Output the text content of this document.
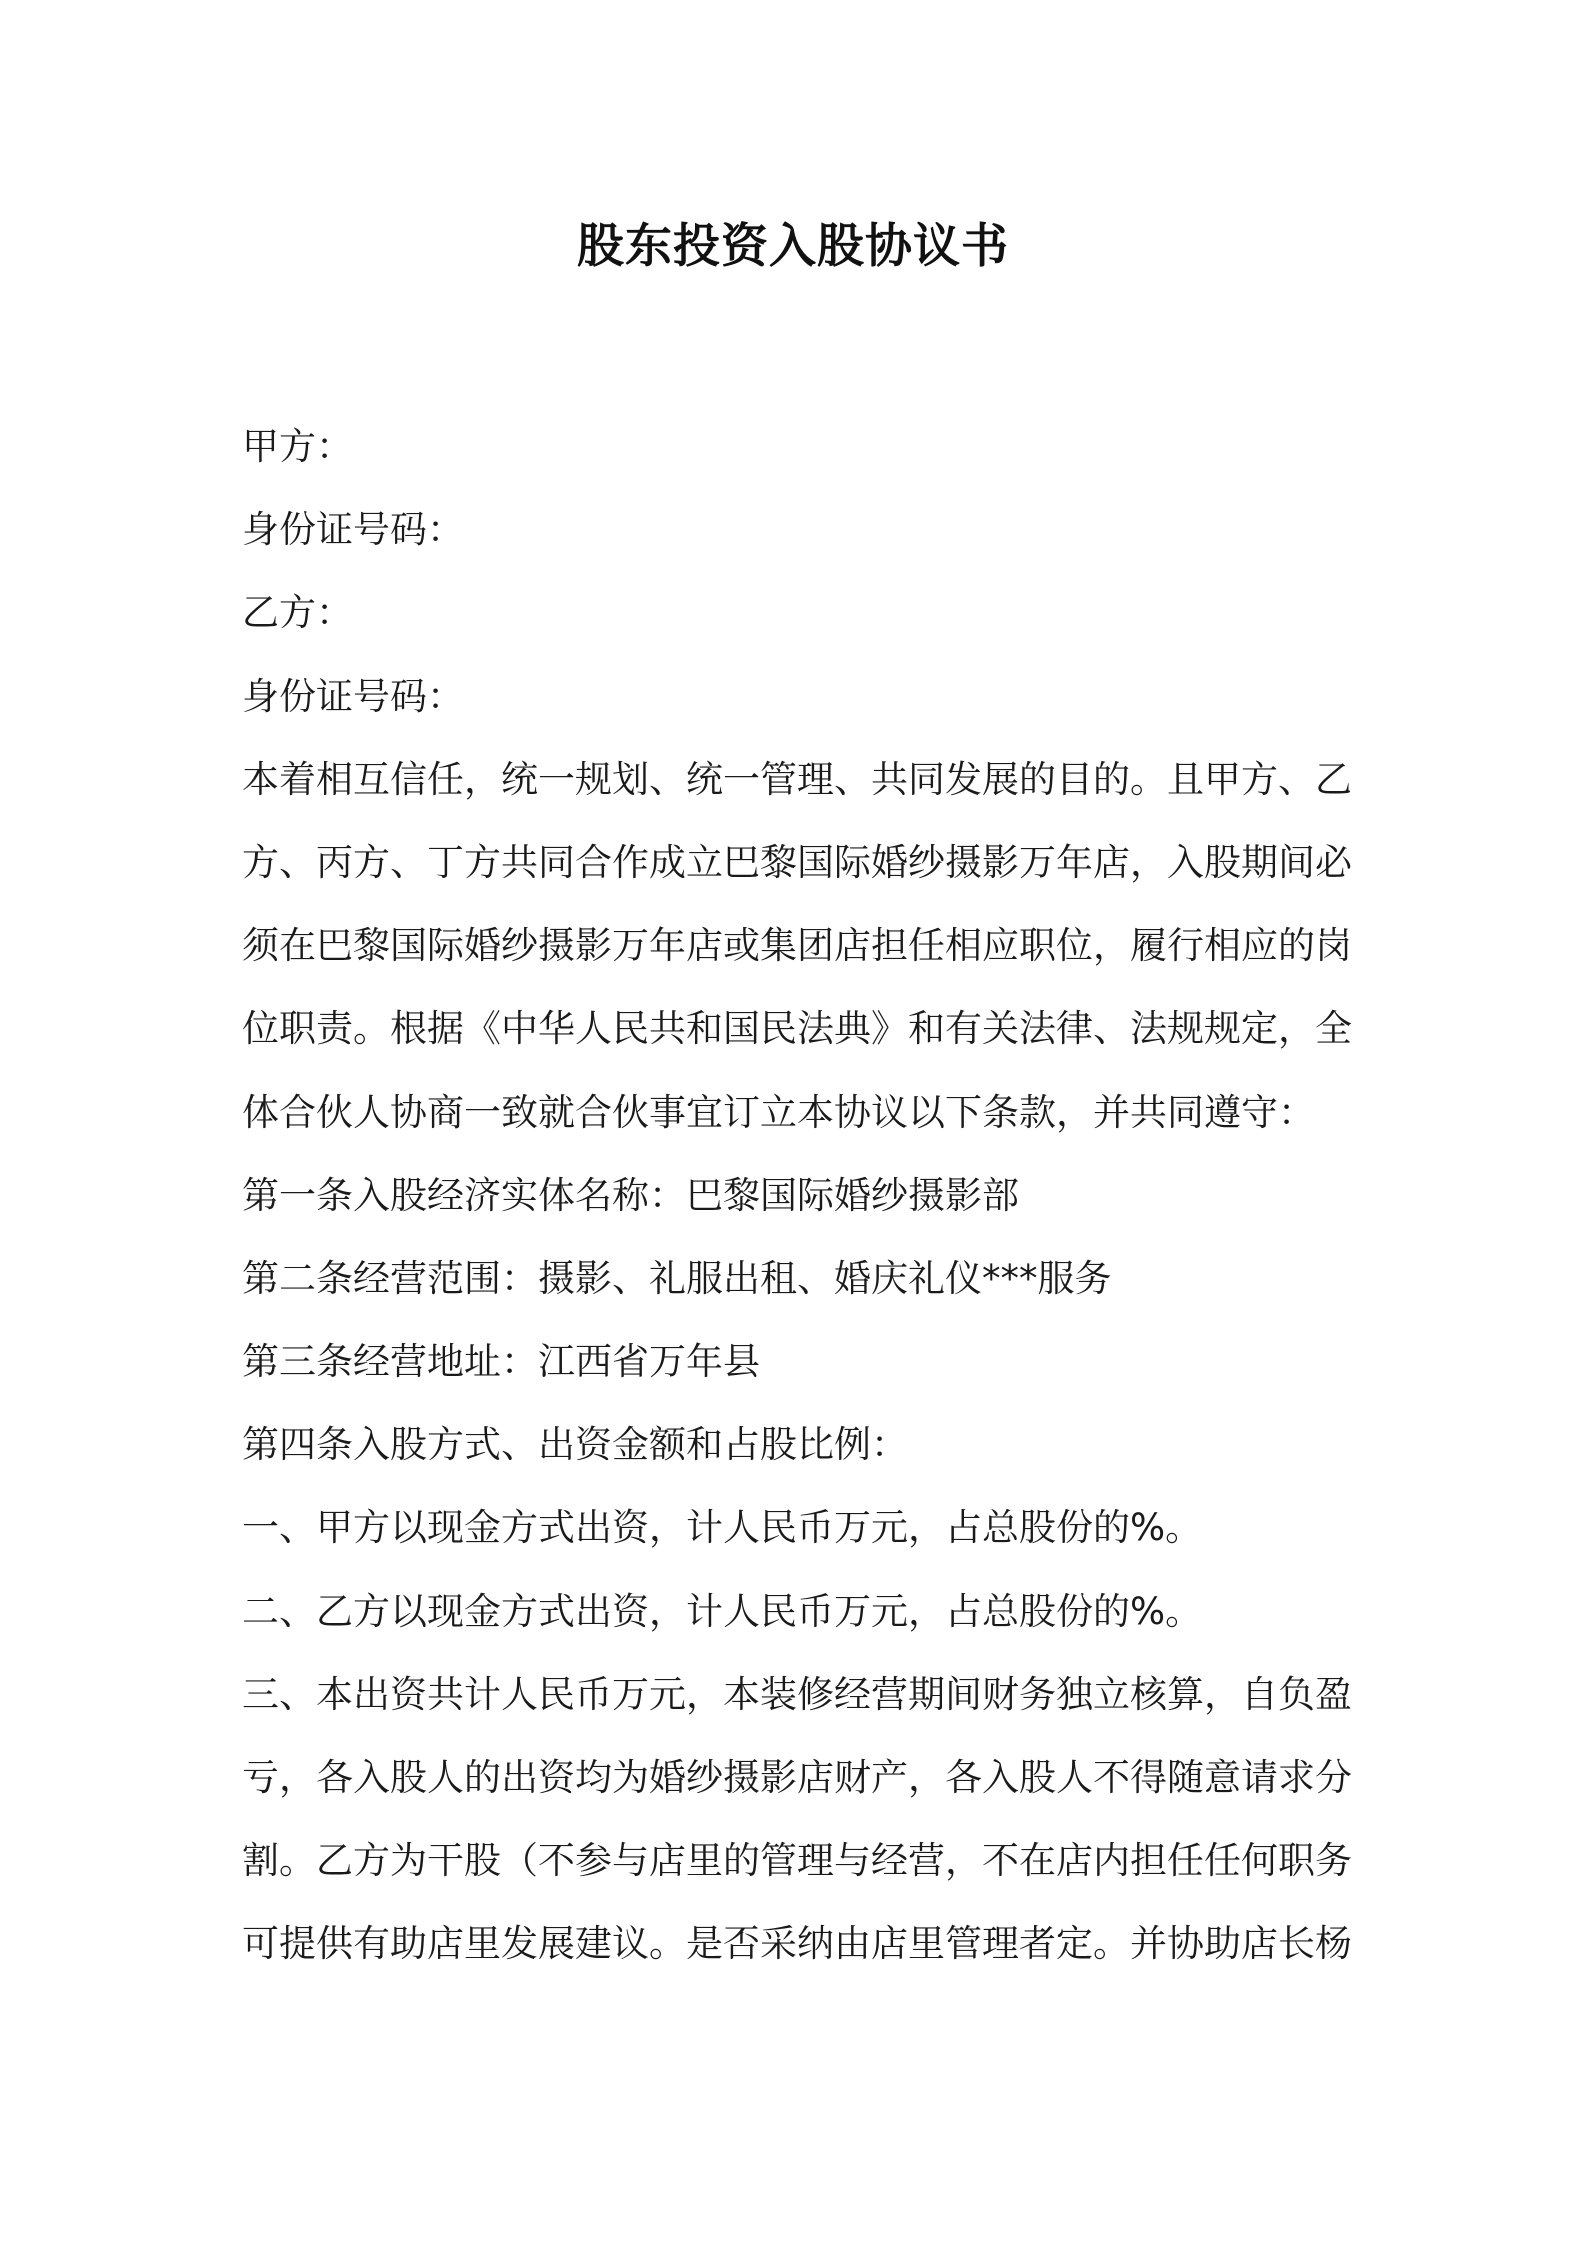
股东投资入股协议书
甲方：
身份证号码：
乙方：
身份证号码：
本着相互信任，统一规划、统一管理、共同发展的目的。且甲方、乙
方、丙方、丁方共同合作成立巴黎国际婚纱摄影万年店，入股期间必
须在巴黎国际婚纱摄影万年店或集团店担任相应职位，履行相应的岗
位职责。根据《中华人民共和国民法典》和有关法律、法规规定，全
体合伙人协商一致就合伙事宜订立本协议以下条款，并共同遵守：
第一条入股经济实体名称：巴黎国际婚纱摄影部
第二条经营范围：摄影、礼服出租、婚庆礼仪***服务
第三条经营地址：江西省万年县
第四条入股方式、出资金额和占股比例：
一、甲方以现金方式出资，计人民币万元，占总股份的%。
二、乙方以现金方式出资，计人民币万元，占总股份的%。
三、本出资共计人民币万元，本装修经营期间财务独立核算，自负盈
亏，各入股人的出资均为婚纱摄影店财产，各入股人不得随意请求分
割。乙方为干股（不参与店里的管理与经营，不在店内担任任何职务
可提供有助店里发展建议。是否采纳由店里管理者定。并协助店长杨
